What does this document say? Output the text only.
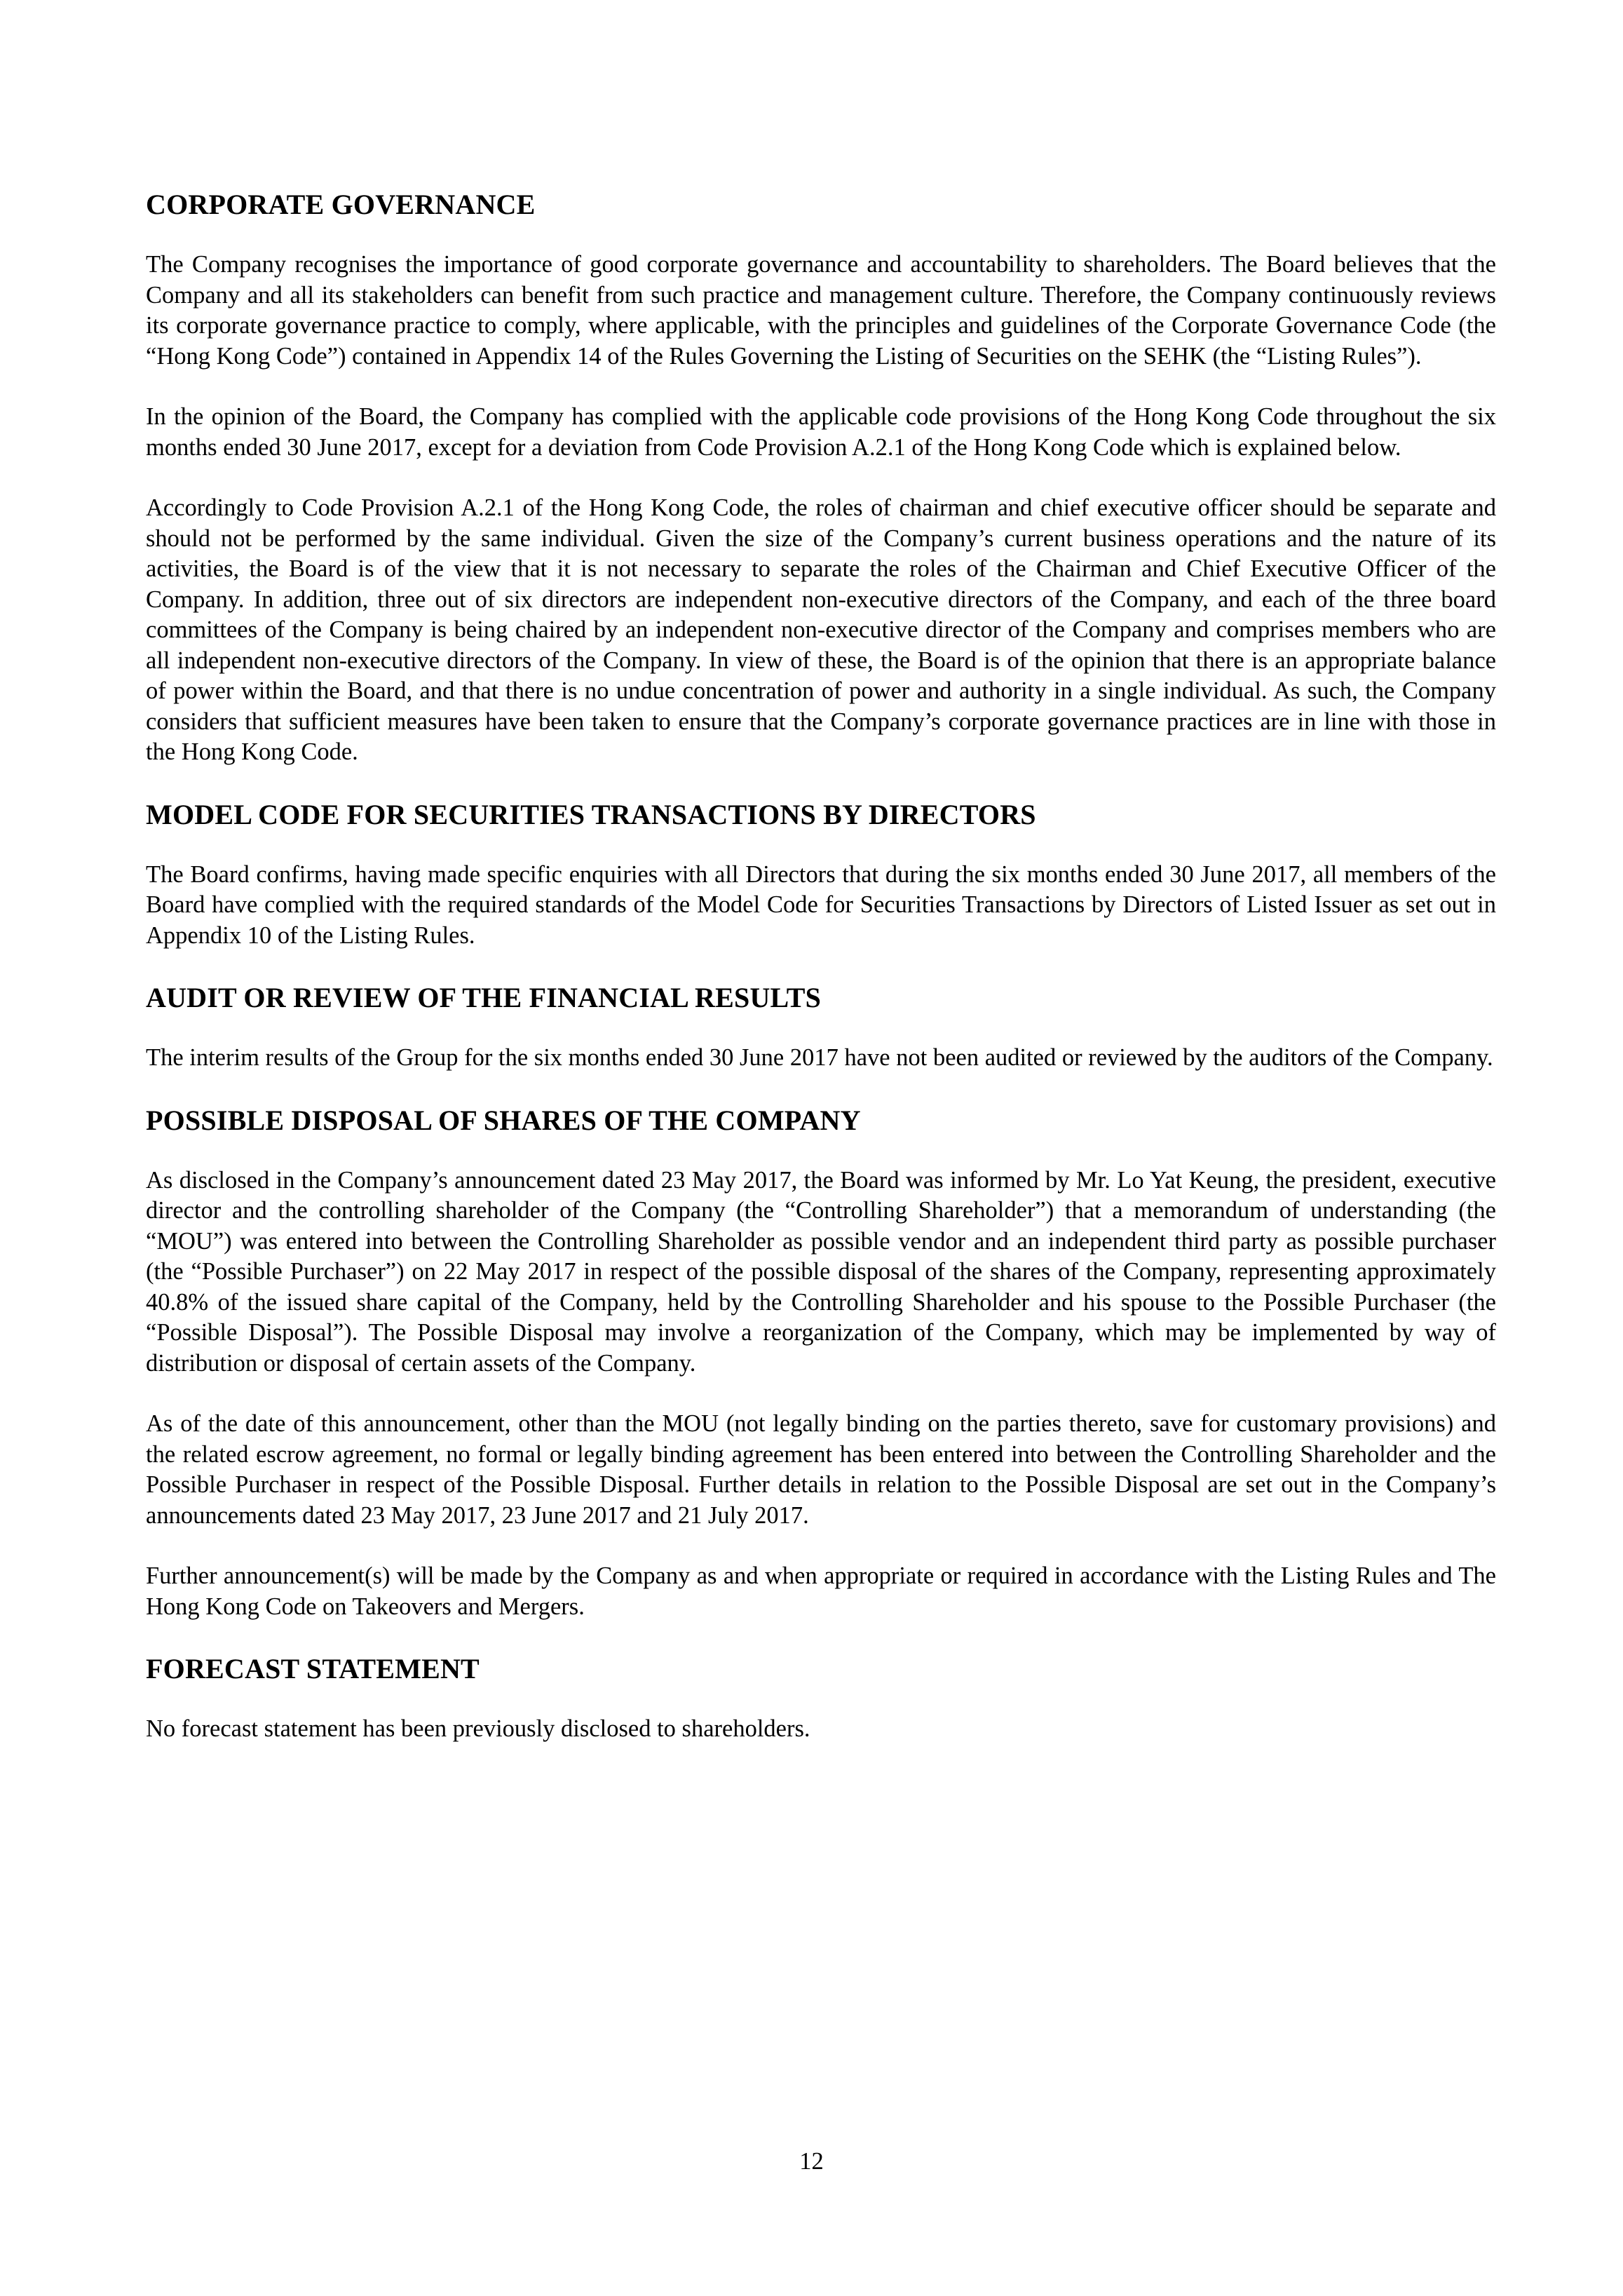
CORPORATE GOVERNANCE

The Company recognises the importance of good corporate governance and accountability to shareholders. The Board believes that the Company and all its stakeholders can benefit from such practice and management culture. Therefore, the Company continuously reviews its corporate governance practice to comply, where applicable, with the principles and guidelines of the Corporate Governance Code (the “Hong Kong Code”) contained in Appendix 14 of the Rules Governing the Listing of Securities on the SEHK (the “Listing Rules”).

In the opinion of the Board, the Company has complied with the applicable code provisions of the Hong Kong Code throughout the six months ended 30 June 2017, except for a deviation from Code Provision A.2.1 of the Hong Kong Code which is explained below.

Accordingly to Code Provision A.2.1 of the Hong Kong Code, the roles of chairman and chief executive officer should be separate and should not be performed by the same individual. Given the size of the Company’s current business operations and the nature of its activities, the Board is of the view that it is not necessary to separate the roles of the Chairman and Chief Executive Officer of the Company. In addition, three out of six directors are independent non-executive directors of the Company, and each of the three board committees of the Company is being chaired by an independent non-executive director of the Company and comprises members who are all independent non-executive directors of the Company. In view of these, the Board is of the opinion that there is an appropriate balance of power within the Board, and that there is no undue concentration of power and authority in a single individual. As such, the Company considers that sufficient measures have been taken to ensure that the Company’s corporate governance practices are in line with those in the Hong Kong Code.

MODEL CODE FOR SECURITIES TRANSACTIONS BY DIRECTORS

The Board confirms, having made specific enquiries with all Directors that during the six months ended 30 June 2017, all members of the Board have complied with the required standards of the Model Code for Securities Transactions by Directors of Listed Issuer as set out in Appendix 10 of the Listing Rules.

AUDIT OR REVIEW OF THE FINANCIAL RESULTS

The interim results of the Group for the six months ended 30 June 2017 have not been audited or reviewed by the auditors of the Company.

POSSIBLE DISPOSAL OF SHARES OF THE COMPANY

As disclosed in the Company’s announcement dated 23 May 2017, the Board was informed by Mr. Lo Yat Keung, the president, executive director and the controlling shareholder of the Company (the “Controlling Shareholder”) that a memorandum of understanding (the “MOU”) was entered into between the Controlling Shareholder as possible vendor and an independent third party as possible purchaser (the “Possible Purchaser”) on 22 May 2017 in respect of the possible disposal of the shares of the Company, representing approximately 40.8% of the issued share capital of the Company, held by the Controlling Shareholder and his spouse to the Possible Purchaser (the “Possible Disposal”). The Possible Disposal may involve a reorganization of the Company, which may be implemented by way of distribution or disposal of certain assets of the Company.

As of the date of this announcement, other than the MOU (not legally binding on the parties thereto, save for customary provisions) and the related escrow agreement, no formal or legally binding agreement has been entered into between the Controlling Shareholder and the Possible Purchaser in respect of the Possible Disposal. Further details in relation to the Possible Disposal are set out in the Company’s announcements dated 23 May 2017, 23 June 2017 and 21 July 2017.

Further announcement(s) will be made by the Company as and when appropriate or required in accordance with the Listing Rules and The Hong Kong Code on Takeovers and Mergers.

FORECAST STATEMENT

No forecast statement has been previously disclosed to shareholders.

12
